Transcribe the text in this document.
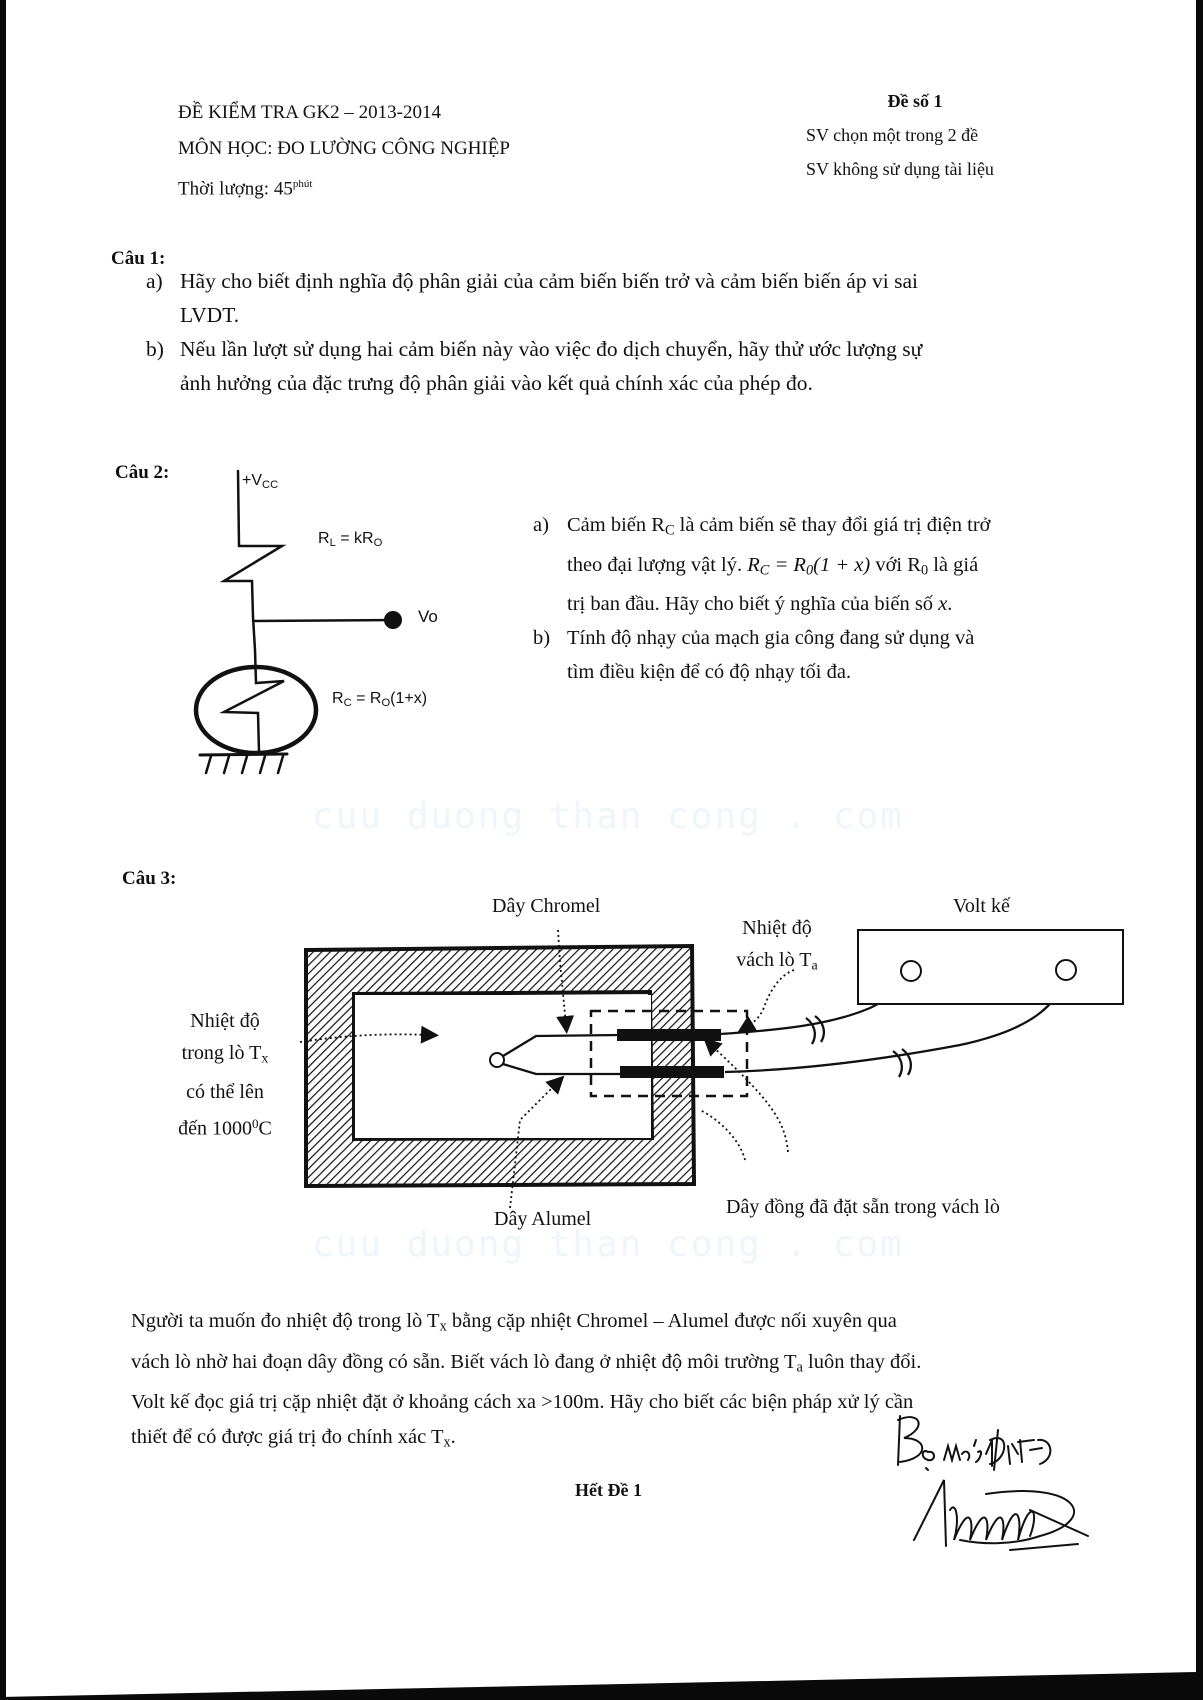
cuu duong than cong . com
cuu duong than cong . com
ĐỀ KIỂM TRA GK2 – 2013-2014
MÔN HỌC: ĐO LƯỜNG CÔNG NGHIỆP
Thời lượng: $45^{phút}$
Đề số 1
SV chọn một trong 2 đề
SV không sử dụng tài liệu
Câu 1:
a) Hãy cho biết định nghĩa độ phân giải của cảm biến biến trở và cảm biến biến áp vi sai
LVDT.
b) Nếu lần lượt sử dụng hai cảm biến này vào việc đo dịch chuyển, hãy thử ước lượng sự
ảnh hưởng của đặc trưng độ phân giải vào kết quả chính xác của phép đo.
Câu 2:	$+V_{CC}$
$R_L = kR_O$
Vo
$R_C = R_O(1+x)$
a) Cảm biến $R_C$ là cảm biến sẽ thay đổi giá trị điện trở
theo đại lượng vật lý. $R_C = R_0(1 + x)$ với $R_0$ là giá
trị ban đầu. Hãy cho biết ý nghĩa của biến số x.
b) Tính độ nhạy của mạch gia công đang sử dụng và
tìm điều kiện để có độ nhạy tối đa.
Câu 3:
Dây Chromel
Nhiệt độ
vách lò $T_a$
Volt kế
Nhiệt độ
trong lò $T_x$
có thể lên
đến 1000$^0$C
Dây Alumel
Dây đồng đã đặt sẵn trong vách lò
Người ta muốn đo nhiệt độ trong lò $T_x$ bằng cặp nhiệt Chromel – Alumel được nối xuyên qua
vách lò nhờ hai đoạn dây đồng có sẵn. Biết vách lò đang ở nhiệt độ môi trường $T_a$ luôn thay đổi.
Volt kế đọc giá trị cặp nhiệt đặt ở khoảng cách xa >100m. Hãy cho biết các biện pháp xử lý cần
thiết để có được giá trị đo chính xác $T_x$.
Hết Đề 1
